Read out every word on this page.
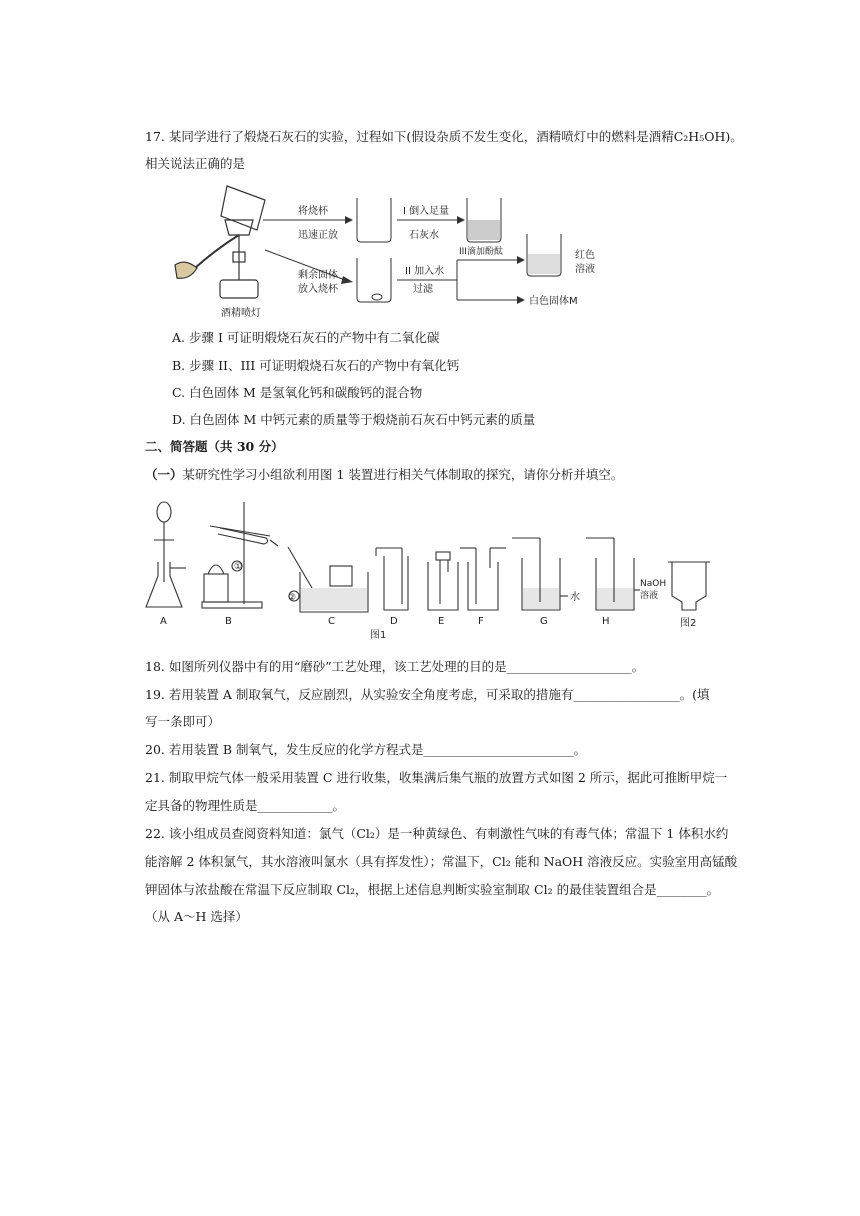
17. 某同学进行了煅烧石灰石的实验，过程如下(假设杂质不发生变化，酒精喷灯中的燃料是酒精C₂H₅OH)。
相关说法正确的是
酒精喷灯
将烧杯
迅速正放
剩余固体
放入烧杯
I 倒入足量
石灰水
III滴加酚酞
II 加入水
过滤
红色
溶液
白色固体M
A. 步骤 I 可证明煅烧石灰石的产物中有二氧化碳
B. 步骤 II、III 可证明煅烧石灰石的产物中有氧化钙
C. 白色固体 M 是氢氧化钙和碳酸钙的混合物
D. 白色固体 M 中钙元素的质量等于煅烧前石灰石中钙元素的质量
二、简答题（共 30 分）
（一）某研究性学习小组欲利用图 1 装置进行相关气体制取的探究，请你分析并填空。
②
①
水
NaOH
溶液
A	B	C	D	E	F	G	H
图1
图2
18. 如图所列仪器中有的用“磨砂”工艺处理，该工艺处理的目的是____________________。
19. 若用装置 A 制取氧气，反应剧烈，从实验安全角度考虑，可采取的措施有_________________。(填
写一条即可）
20. 若用装置 B 制氧气，发生反应的化学方程式是________________________。
21. 制取甲烷气体一般采用装置 C 进行收集，收集满后集气瓶的放置方式如图 2 所示，据此可推断甲烷一
定具备的物理性质是____________。
22. 该小组成员查阅资料知道：氯气（Cl₂）是一种黄绿色、有刺激性气味的有毒气体；常温下 1 体积水约
能溶解 2 体积氯气，其水溶液叫氯水（具有挥发性）；常温下，Cl₂ 能和 NaOH 溶液反应。实验室用高锰酸
钾固体与浓盐酸在常温下反应制取 Cl₂，根据上述信息判断实验室制取 Cl₂ 的最佳装置组合是________。
（从 A～H 选择）
